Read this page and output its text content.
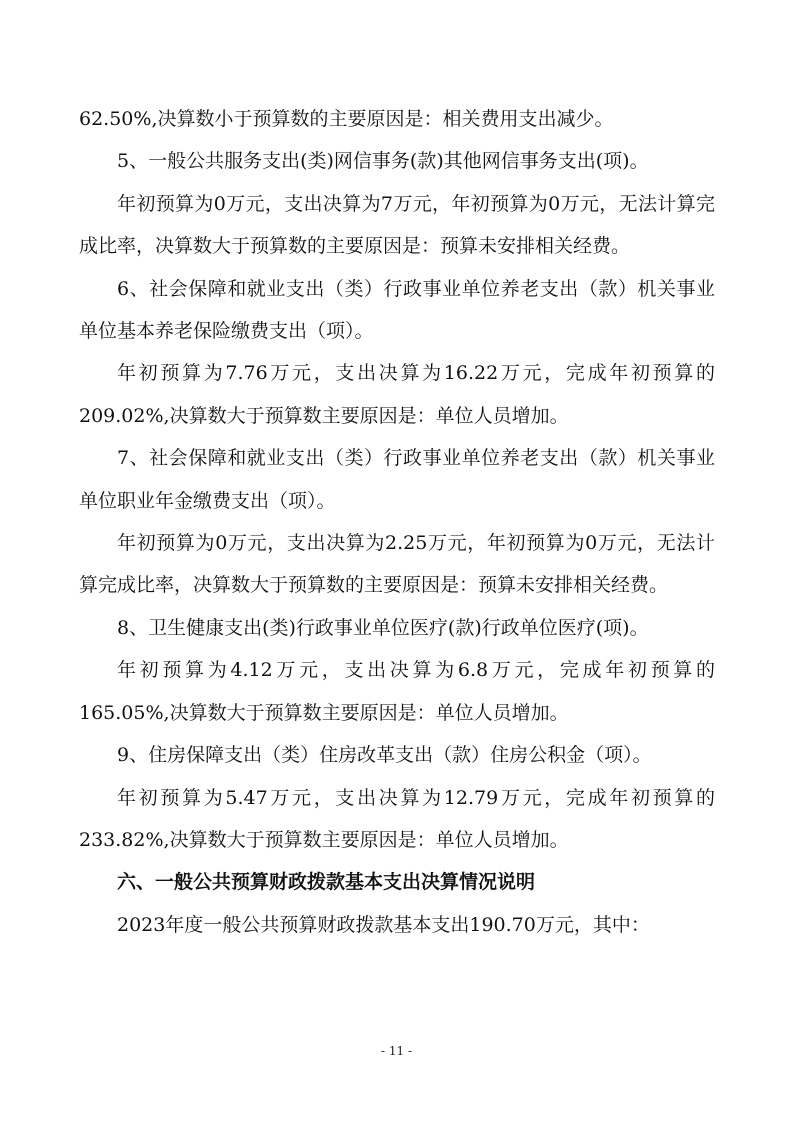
62.50%,决算数小于预算数的主要原因是：相关费用支出减少。

5、一般公共服务支出(类)网信事务(款)其他网信事务支出(项)。

年初预算为0万元，支出决算为7万元，年初预算为0万元，无法计算完成比率，决算数大于预算数的主要原因是：预算未安排相关经费。

6、社会保障和就业支出（类）行政事业单位养老支出（款）机关事业单位基本养老保险缴费支出（项）。

年初预算为7.76万元，支出决算为16.22万元，完成年初预算的209.02%,决算数大于预算数主要原因是：单位人员增加。

7、社会保障和就业支出（类）行政事业单位养老支出（款）机关事业单位职业年金缴费支出（项）。

年初预算为0万元，支出决算为2.25万元，年初预算为0万元，无法计算完成比率，决算数大于预算数的主要原因是：预算未安排相关经费。

8、卫生健康支出(类)行政事业单位医疗(款)行政单位医疗(项)。

年初预算为4.12万元，支出决算为6.8万元，完成年初预算的165.05%,决算数大于预算数主要原因是：单位人员增加。

9、住房保障支出（类）住房改革支出（款）住房公积金（项）。

年初预算为5.47万元，支出决算为12.79万元，完成年初预算的233.82%,决算数大于预算数主要原因是：单位人员增加。

六、一般公共预算财政拨款基本支出决算情况说明

2023年度一般公共预算财政拨款基本支出190.70万元，其中：

- 11 -
